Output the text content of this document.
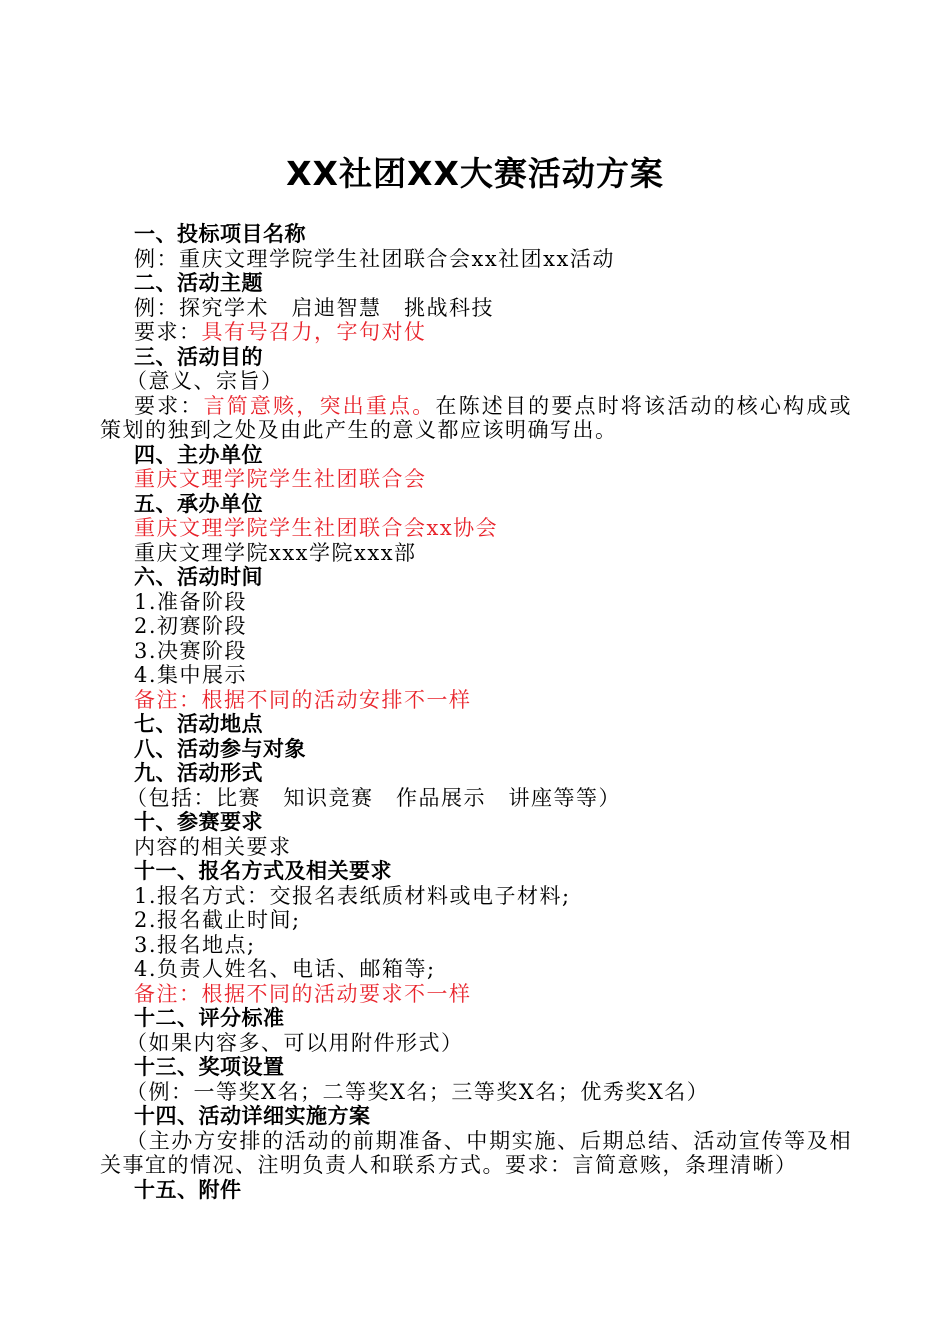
XX社团XX大赛活动方案
一、投标项目名称
例：重庆文理学院学生社团联合会xx社团xx活动
二、活动主题
例：探究学术　启迪智慧　挑战科技
要求：具有号召力，字句对仗
三、活动目的
（意义、宗旨）
要求：言简意赅，突出重点。在陈述目的要点时将该活动的核心构成或策划的独到之处及由此产生的意义都应该明确写出。
四、主办单位
重庆文理学院学生社团联合会
五、承办单位
重庆文理学院学生社团联合会xx协会
重庆文理学院xxx学院xxx部
六、活动时间
1.准备阶段
2.初赛阶段
3.决赛阶段
4.集中展示
备注：根据不同的活动安排不一样
七、活动地点
八、活动参与对象
九、活动形式
（包括：比赛　知识竞赛　作品展示　讲座等等）
十、参赛要求
内容的相关要求
十一、报名方式及相关要求
1.报名方式：交报名表纸质材料或电子材料;
2.报名截止时间;
3.报名地点;
4.负责人姓名、电话、邮箱等;
备注：根据不同的活动要求不一样
十二、评分标准
（如果内容多、可以用附件形式）
十三、奖项设置
（例：一等奖X名；二等奖X名；三等奖X名；优秀奖X名）
十四、活动详细实施方案
（主办方安排的活动的前期准备、中期实施、后期总结、活动宣传等及相关事宜的情况、注明负责人和联系方式。要求：言简意赅，条理清晰）
十五、附件
